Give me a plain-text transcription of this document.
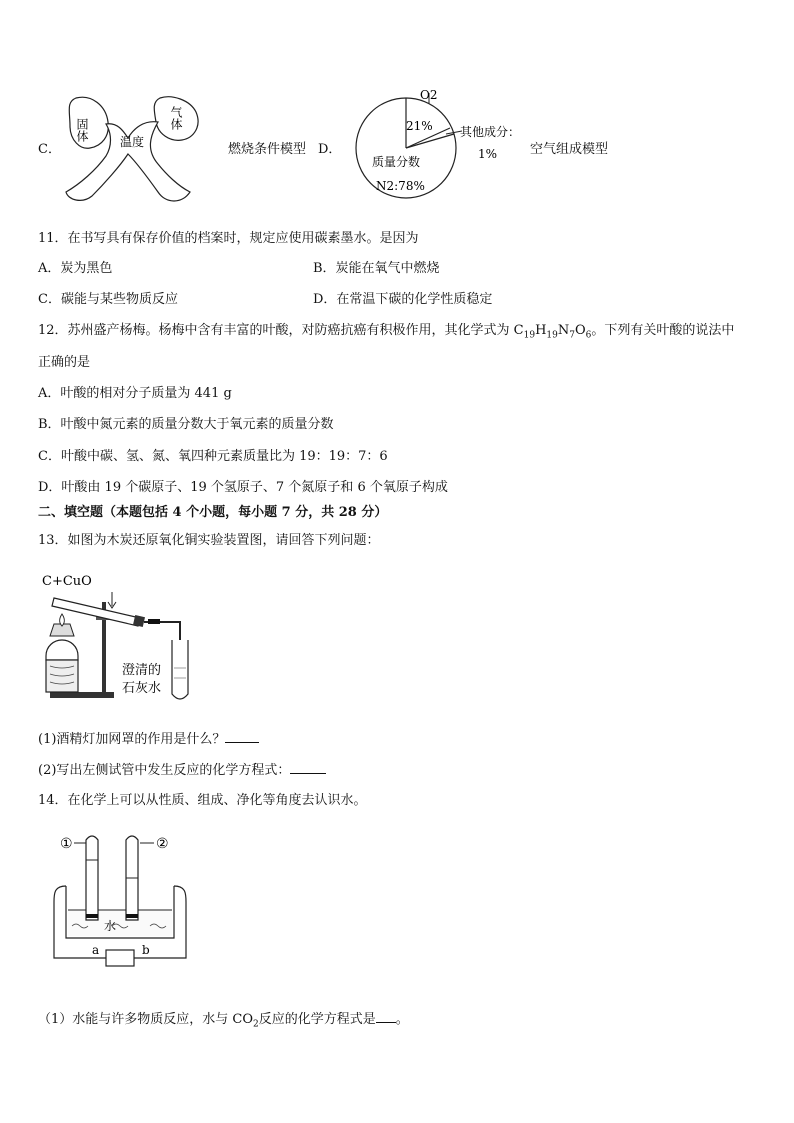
C．
固体	气体
温度	燃烧条件模型 D．
O2
21% 其他成分：
1%
质量分数
N2:78%
空气组成模型
11．在书写具有保存价值的档案时，规定应使用碳素墨水。是因为
A．炭为黑色	B．炭能在氧气中燃烧
C．碳能与某些物质反应	D．在常温下碳的化学性质稳定
12．苏州盛产杨梅。杨梅中含有丰富的叶酸，对防癌抗癌有积极作用，其化学式为 $C_{19}H_{19}N_7O_6$。下列有关叶酸的说法中
正确的是
A．叶酸的相对分子质量为 441 g
B．叶酸中氮元素的质量分数大于氧元素的质量分数
C．叶酸中碳、氢、氮、氧四种元素质量比为 19：19：7：6
D．叶酸由 19 个碳原子、19 个氢原子、7 个氮原子和 6 个氧原子构成
二、填空题（本题包括 4 个小题，每小题 7 分，共 28 分）
13．如图为木炭还原氧化铜实验装置图，请回答下列问题：
C+CuO
澄清的
石灰水
(1)酒精灯加网罩的作用是什么？
(2)写出左侧试管中发生反应的化学方程式：
14．在化学上可以从性质、组成、净化等角度去认识水。
①	②
a	b
水
（1）水能与许多物质反应，水与 $CO_2$反应的化学方程式是 。
